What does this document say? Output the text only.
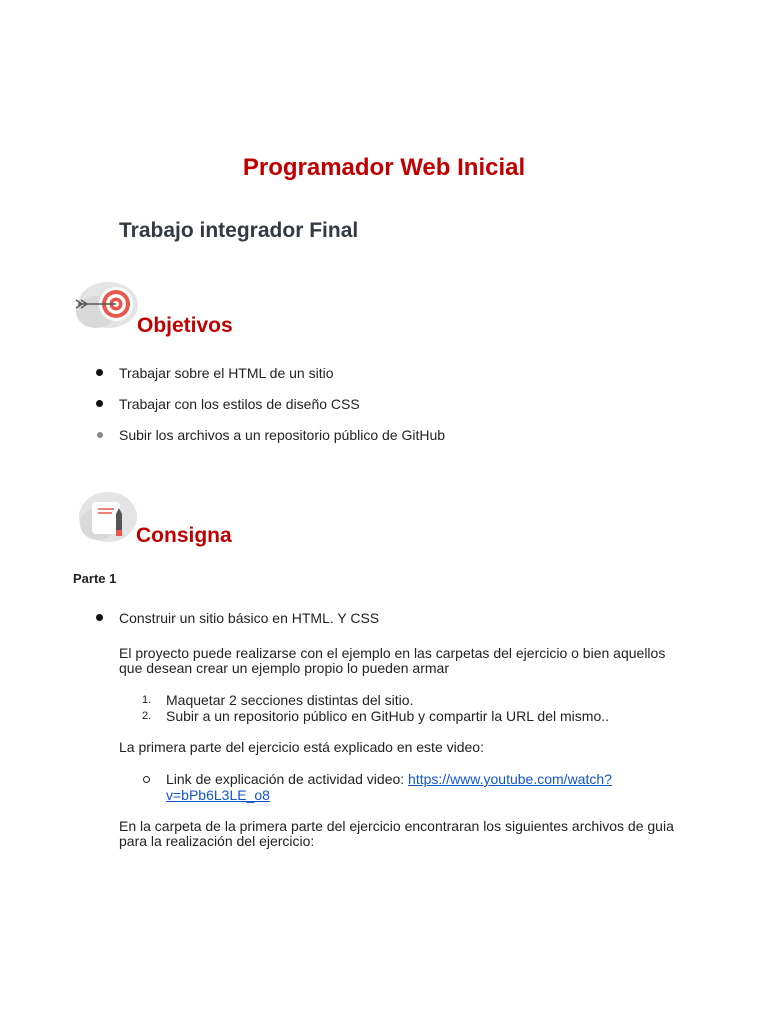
Programador Web Inicial
Trabajo integrador Final
Objetivos
Trabajar sobre el HTML de un sitio
Trabajar con los estilos de diseño CSS
Subir los archivos a un repositorio público de GitHub
Consigna

Parte 1

Construir un sitio básico en HTML. Y CSS

El proyecto puede realizarse con el ejemplo en las carpetas del ejercicio o bien aquellos que desean crear un ejemplo propio lo pueden armar

1. Maquetar 2 secciones distintas del sitio.
2. Subir a un repositorio público en GitHub y compartir la URL del mismo..

La primera parte del ejercicio está explicado en este video:

Link de explicación de actividad video: https://www.youtube.com/watch?v=bPb6L3LE_o8

En la carpeta de la primera parte del ejercicio encontraran los siguientes archivos de guia para la realización del ejercicio:
